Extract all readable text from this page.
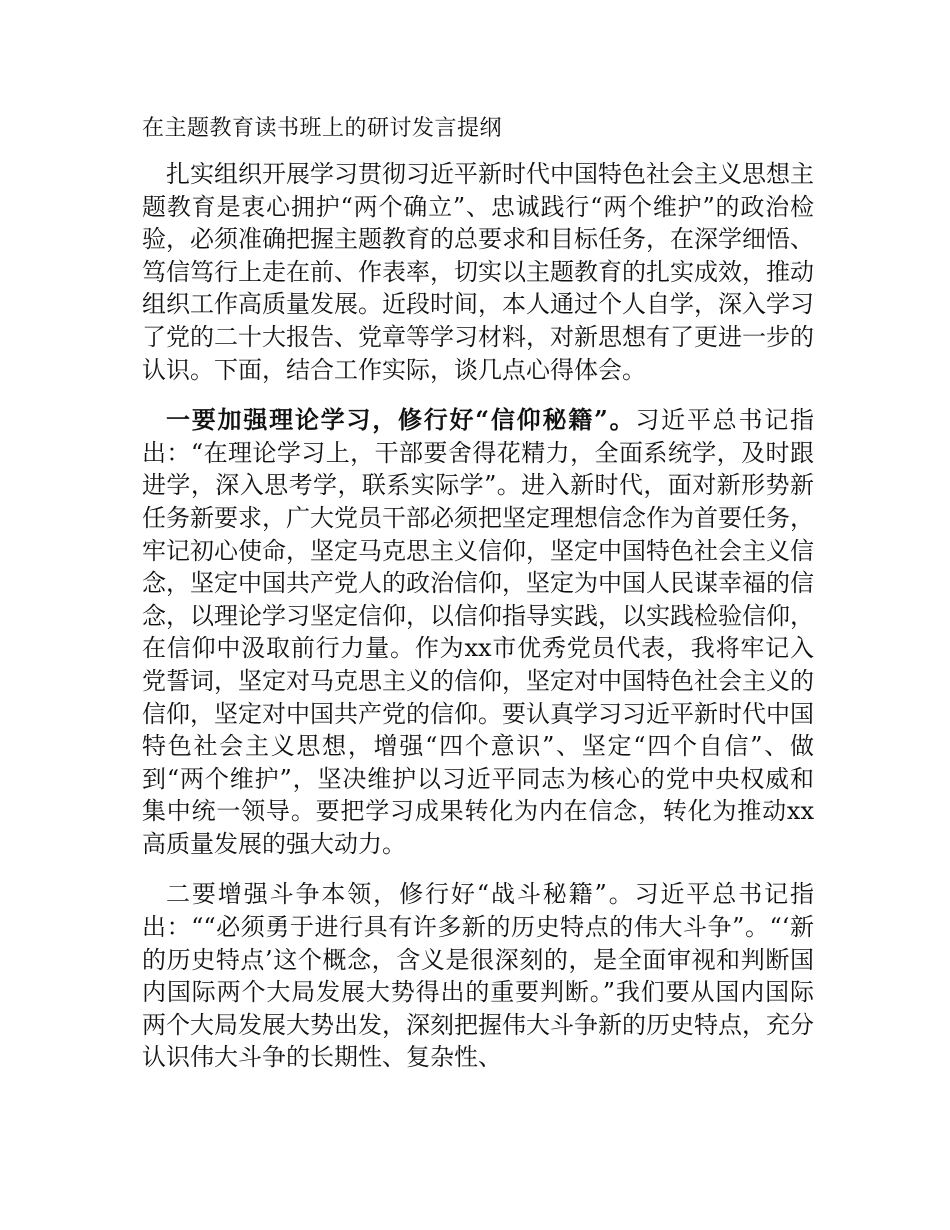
在主题教育读书班上的研讨发言提纲

扎实组织开展学习贯彻习近平新时代中国特色社会主义思想主题教育是衷心拥护“两个确立”、忠诚践行“两个维护”的政治检验，必须准确把握主题教育的总要求和目标任务，在深学细悟、笃信笃行上走在前、作表率，切实以主题教育的扎实成效，推动组织工作高质量发展。近段时间，本人通过个人自学，深入学习了党的二十大报告、党章等学习材料，对新思想有了更进一步的认识。下面，结合工作实际，谈几点心得体会。

一要加强理论学习，修行好“信仰秘籍”。习近平总书记指出：“在理论学习上，干部要舍得花精力，全面系统学，及时跟进学，深入思考学，联系实际学”。进入新时代，面对新形势新任务新要求，广大党员干部必须把坚定理想信念作为首要任务，牢记初心使命，坚定马克思主义信仰，坚定中国特色社会主义信念，坚定中国共产党人的政治信仰，坚定为中国人民谋幸福的信念，以理论学习坚定信仰，以信仰指导实践，以实践检验信仰，在信仰中汲取前行力量。作为xx市优秀党员代表，我将牢记入党誓词，坚定对马克思主义的信仰，坚定对中国特色社会主义的信仰，坚定对中国共产党的信仰。要认真学习习近平新时代中国特色社会主义思想，增强“四个意识”、坚定“四个自信”、做到“两个维护”，坚决维护以习近平同志为核心的党中央权威和集中统一领导。要把学习成果转化为内在信念，转化为推动xx高质量发展的强大动力。

二要增强斗争本领，修行好“战斗秘籍”。习近平总书记指出：““必须勇于进行具有许多新的历史特点的伟大斗争”。“‘新的历史特点’这个概念，含义是很深刻的，是全面审视和判断国内国际两个大局发展大势得出的重要判断。”我们要从国内国际两个大局发展大势出发，深刻把握伟大斗争新的历史特点，充分认识伟大斗争的长期性、复杂性、
